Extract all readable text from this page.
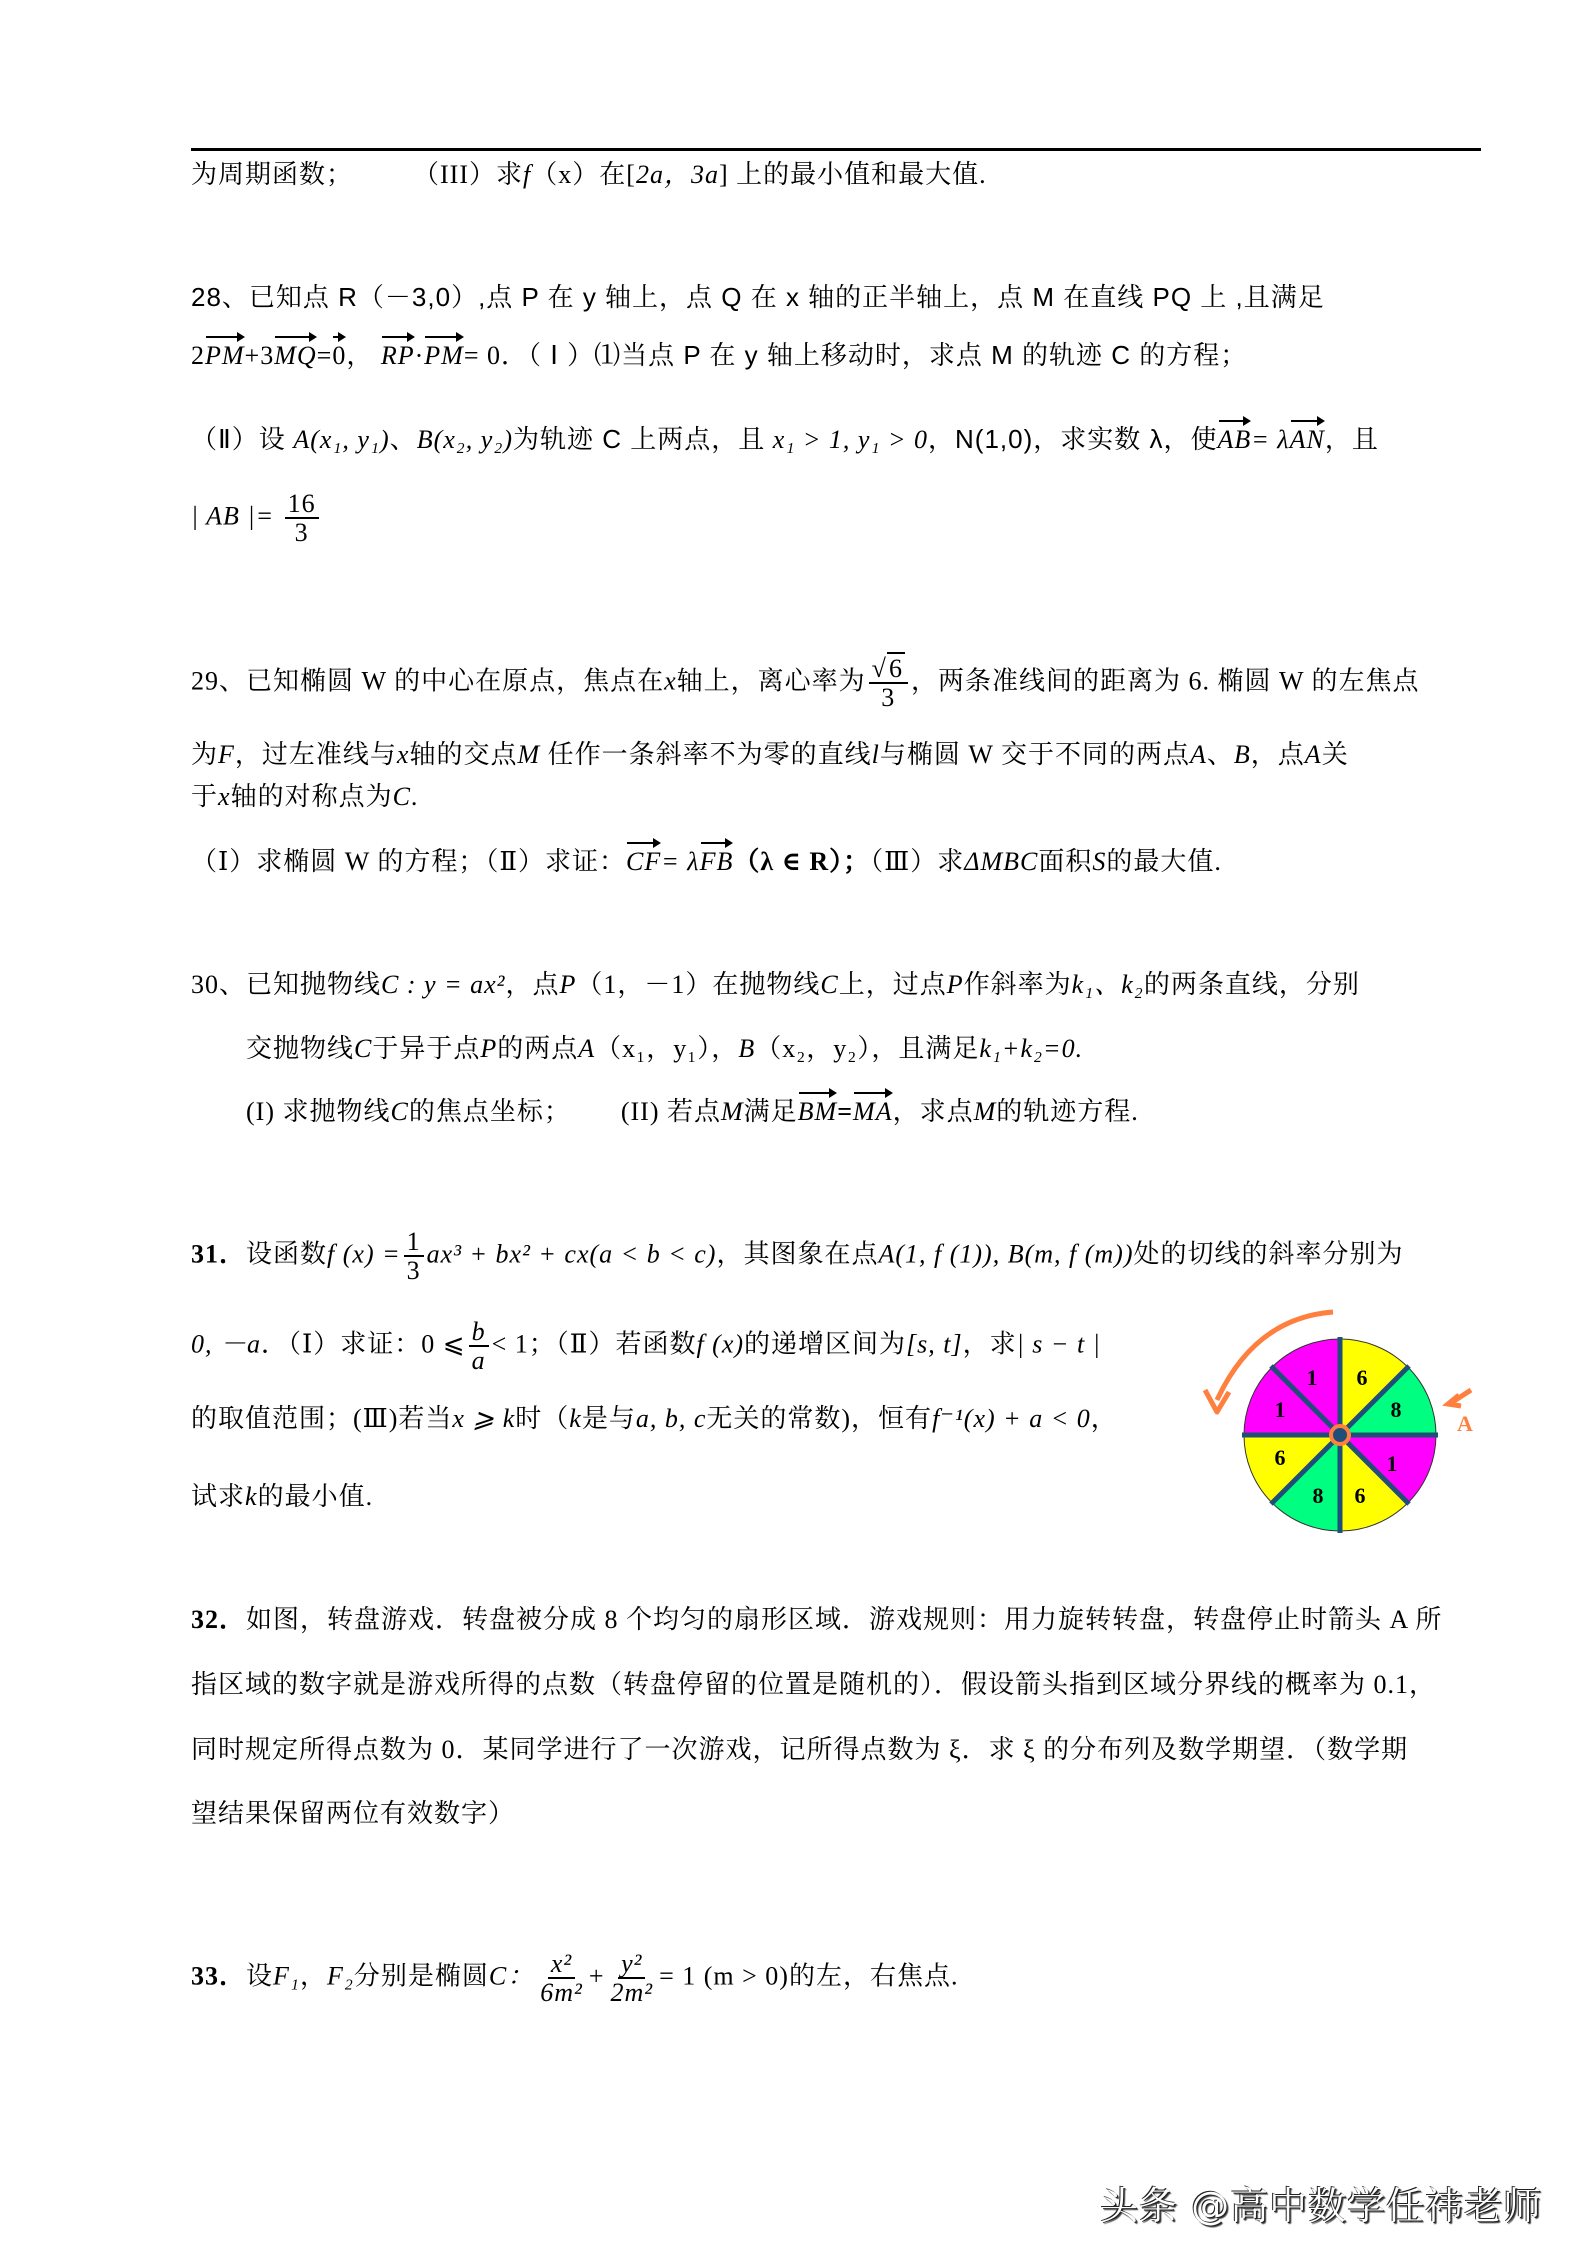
为周期函数； （III）求f（x）在[2a，3a] 上的最小值和最大值.
28、已知点 R（－3,0）,点 P 在 y 轴上，点 Q 在 x 轴的正半轴上，点 M 在直线 PQ 上 ,且满足
2PM+3MQ=0， RP·PM= 0．（ Ⅰ ）⑴当点 P 在 y 轴上移动时，求点 M 的轨迹 C 的方程；
（Ⅱ）设 A(x₁, y₁)、B(x₂, y₂)为轨迹 C 上两点，且 x₁ > 1, y₁ > 0，N(1,0)，求实数 λ，使AB= λAN，且
| AB |= $\frac{16}{3}$
29、已知椭圆 W 的中心在原点，焦点在x轴上，离心率为 $\frac{√6}{3}$ ，两条准线间的距离为 6. 椭圆 W 的左焦点
为F，过左准线与x轴的交点M 任作一条斜率不为零的直线l与椭圆 W 交于不同的两点A、B，点A关
于x轴的对称点为C.
（Ⅰ）求椭圆 W 的方程；（Ⅱ）求证：CF= λFB（λ ∈ R）；（Ⅲ）求ΔMBC面积S的最大值.
30、已知抛物线C : y = ax²，点P（1，－1）在抛物线C上，过点P作斜率为k₁、k₂的两条直线，分别
交抛物线C于异于点P的两点A（x₁，y₁），B（x₂，y₂），且满足k₁+k₂=0.
(I) 求抛物线C的焦点坐标； (II) 若点M满足BM=MA，求点M的轨迹方程.
31．设函数f $(x) = \frac{1}{3} ax^3 + bx^2 + cx(a < b < c)$，其图象在点A(1, f (1)), B(m, f (m))处的切线的斜率分别为
0, －a．（Ⅰ）求证：0 ⩽ $\frac{b}{a} < 1$；（Ⅱ）若函数f (x)的递增区间为[s, t]，求| s − t |
的取值范围；(Ⅲ)若当x ⩾ k时（k是与a, b, c无关的常数)，恒有f⁻¹(x) + a < 0，
试求k的最小值.
6
8
1
6
8
6
1
1
A
32．如图，转盘游戏．转盘被分成 8 个均匀的扇形区域．游戏规则：用力旋转转盘，转盘停止时箭头 A 所
指区域的数字就是游戏所得的点数（转盘停留的位置是随机的）．假设箭头指到区域分界线的概率为 0.1，
同时规定所得点数为 0．某同学进行了一次游戏，记所得点数为 ξ．求 ξ 的分布列及数学期望．（数学期
望结果保留两位有效数字）
33．设F₁，F₂分别是椭圆C： $\frac{\text{x²}}{\text{6m²}} + \frac{\text{y²}}{\text{2m²}} = 1$ (m > 0)的左，右焦点.
头条 @高中数学任祎老师
